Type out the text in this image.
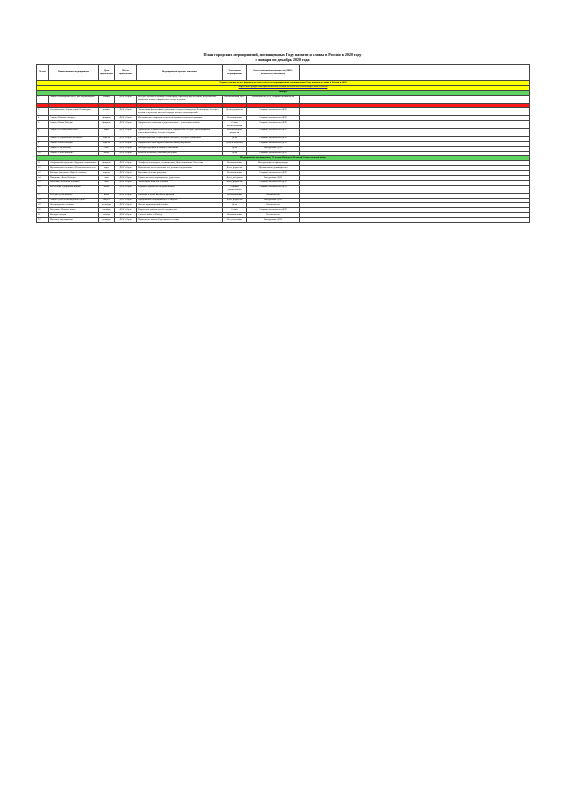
План городских мероприятий, посвященных Году памяти и славы в России в 2020 году
с января по декабрь 2020 года
№ п/п	Наименование мероприятия	Дата проведения	Место проведения	Мероприятия краткое описание	Участники мероприятия	Ответственный исполнитель (ФИО, должность, контакты)	
Единая ссылка на все формы для отчета по всем мероприятиям, посвященным Году памяти и славы в России в 2020							
https://docs.google.com/spreadsheets/d/1TmHPxLMzWMZ3JwRlN00qIVv1xE2Hz2Hk							
Январь							
1	Акция «Блокадный хлеб» для обучающихся	январь	ДОУ г.Орла	Беседа с детьми о блокаде Ленинграда, просмотр презентации, изготовление памятных знаков, оформление стенда в группе	Воспитанники ДОУ	Руководители ДОУ, старшие воспитатели	
2	Акция памяти	январь	ДОУ г.Орла	Возложение цветов к памятным местам города	Воспитанники	Заведующие ДОУ	
3	Фотовыставка «Город-герой Ленинград»	январь	ДОУ г.Орла	Экспозиция фотографий и рисунков о героях блокадного Ленинграда, беседы с детьми о мужестве жителей города, чтение стихотворений	Дети и родители	Старшие воспитатели ДОУ	
4	Акция «Письмо солдату»	февраль	ДОУ г.Орла	Изготовление открыток и писем ветеранам и военнослужащим	Воспитанники	Старшие воспитатели ДОУ	
5	Акция «Наша Победа»	февраль	ДОУ г.Орла	Оформление альбомов о родственниках – участниках войны	Семьи воспитанников	Старшие воспитатели ДОУ	
6	Акция «Бессмертный полк»	март	ДОУ г.Орла	Проведение тематических встреч, оформление стенда с фотографиями участников войны, беседы о подвиге	Воспитанники, родители	Старшие воспитатели ДОУ	
7	Акция «Георгиевская ленточка»	апрель	ДОУ г.Орла	Распространение георгиевских ленточек, беседы о символике	Дети	Старшие воспитатели ДОУ	
8	Акция «Окна Победы»	апрель	ДОУ г.Орла	Оформление окон групп тематическими рисунками	Дети и педагоги	Старшие воспитатели ДОУ	
9	Акция «Сад памяти»	май	ДОУ г.Орла	Высадка деревьев в память о погибших	Дети	Заведующие ДОУ	
10	Акция «Свеча памяти»	июнь	ДОУ г.Орла	Минута молчания, выставка рисунков	Дети	Старшие воспитатели ДОУ	
Мероприятия, посвященные 75-летию Победы в Великой Отечественной войне							
11	Спортивный праздник «Будущие защитники»	февраль	ДОУ г.Орла	Эстафеты и конкурсы, посвященные Дню защитника Отечества	Воспитанники	Инструкторы по физкультуре	
12	Музыкальная гостиная «Песни военных лет»	март	ДОУ г.Орла	Исполнение песен военных лет детьми и педагогами	Дети, родители	Музыкальные руководители	
13	Конкурс рисунков «Мир без войны»	апрель	ДОУ г.Орла	Выставка детских рисунков	Воспитанники	Старшие воспитатели ДОУ	
14	Праздник «День Победы»	май	ДОУ г.Орла	Торжественные мероприятия, утренники	Дети, ветераны	Заведующие ДОУ	
15	Выставка «Военная техника»	май	ДОУ г.Орла	Экспозиция моделей техники	Дети, родители	Старшие воспитатели ДОУ	
16	Квест-игра «Дорогами войны»	июнь	ДОУ г.Орла	Игровые задания по истории войны	Старшие дошкольники	Старшие воспитатели ДОУ	
17	Беседы «Дети войны»	июль	ДОУ г.Орла	Рассказы о детях военного времени	Воспитанники	Воспитатели	
18	Акция «День освобождения Орла»	август	ДОУ г.Орла	Праздничные мероприятия к 5 августа	Дети, родители	Заведующие ДОУ	
19	Литературная гостиная	сентябрь	ДОУ г.Орла	Чтение произведений о войне	Дети	Воспитатели	
20	Выставка «Память жива»	октябрь	ДОУ г.Орла	Творческие работы детей и родителей	Семьи	Старшие воспитатели ДОУ	
21	Конкурс чтецов	ноябрь	ДОУ г.Орла	Стихи о войне и Победе	Воспитанники	Воспитатели	
22	Итоговое мероприятие	декабрь	ДОУ г.Орла	Подведение итогов Года памяти и славы	Все участники	Заведующие ДОУ	
